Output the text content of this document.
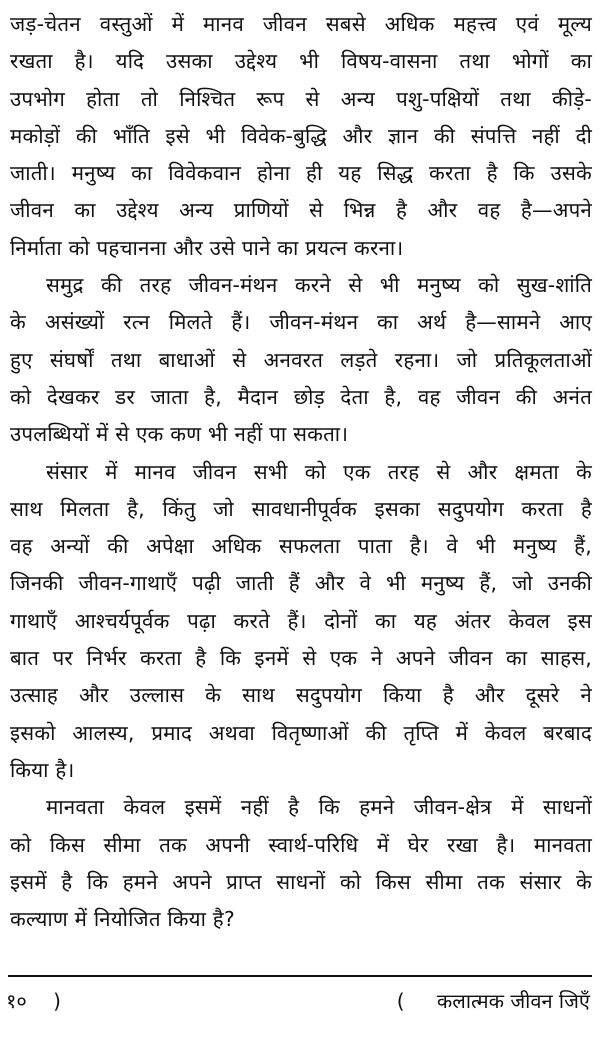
जड़-चेतन वस्तुओं में मानव जीवन सबसे अधिक महत्त्व एवं मूल्य
रखता है। यदि उसका उद्देश्य भी विषय-वासना तथा भोगों का
उपभोग होता तो निश्चित रूप से अन्य पशु-पक्षियों तथा कीड़े-
मकोड़ों की भाँति इसे भी विवेक-बुद्धि और ज्ञान की संपत्ति नहीं दी
जाती। मनुष्य का विवेकवान होना ही यह सिद्ध करता है कि उसके
जीवन का उद्देश्य अन्य प्राणियों से भिन्न है और वह है—अपने
निर्माता को पहचानना और उसे पाने का प्रयत्न करना।
समुद्र की तरह जीवन-मंथन करने से भी मनुष्य को सुख-शांति
के असंख्यों रत्न मिलते हैं। जीवन-मंथन का अर्थ है—सामने आए
हुए संघर्षों तथा बाधाओं से अनवरत लड़ते रहना। जो प्रतिकूलताओं
को देखकर डर जाता है, मैदान छोड़ देता है, वह जीवन की अनंत
उपलब्धियों में से एक कण भी नहीं पा सकता।
संसार में मानव जीवन सभी को एक तरह से और क्षमता के
साथ मिलता है, किंतु जो सावधानीपूर्वक इसका सदुपयोग करता है
वह अन्यों की अपेक्षा अधिक सफलता पाता है। वे भी मनुष्य हैं,
जिनकी जीवन-गाथाएँ पढ़ी जाती हैं और वे भी मनुष्य हैं, जो उनकी
गाथाएँ आश्चर्यपूर्वक पढ़ा करते हैं। दोनों का यह अंतर केवल इस
बात पर निर्भर करता है कि इनमें से एक ने अपने जीवन का साहस,
उत्साह और उल्लास के साथ सदुपयोग किया है और दूसरे ने
इसको आलस्य, प्रमाद अथवा वितृष्णाओं की तृप्ति में केवल बरबाद
किया है।
मानवता केवल इसमें नहीं है कि हमने जीवन-क्षेत्र में साधनों
को किस सीमा तक अपनी स्वार्थ-परिधि में घेर रखा है। मानवता
इसमें है कि हमने अपने प्राप्त साधनों को किस सीमा तक संसार के
कल्याण में नियोजित किया है?
१० )	( कलात्मक जीवन जिएँ
